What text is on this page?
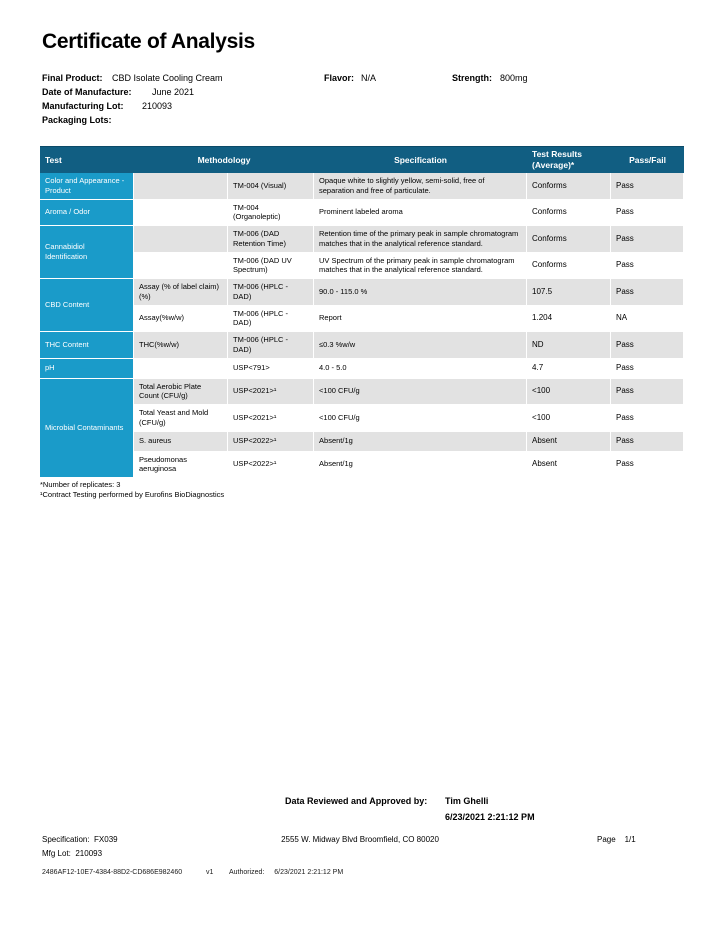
Certificate of Analysis
Final Product: CBD Isolate Cooling Cream	Flavor: N/A	Strength: 800mg
Date of Manufacture: June 2021
Manufacturing Lot: 210093
Packaging Lots:
Test	Methodology		Specification	Test Results (Average)*	Pass/Fail
Color and Appearance - Product		TM-004 (Visual)	Opaque white to slightly yellow, semi-solid, free of separation and free of particulate.	Conforms	Pass
Aroma / Odor		TM-004 (Organoleptic)	Prominent labeled aroma	Conforms	Pass
Cannabidiol Identification		TM-006 (DAD Retention Time)	Retention time of the primary peak in sample chromatogram matches that in the analytical reference standard.	Conforms	Pass
		TM-006 (DAD UV Spectrum)	UV Spectrum of the primary peak in sample chromatogram matches that in the analytical reference standard.	Conforms	Pass
CBD Content	Assay (% of label claim)(%)	TM-006 (HPLC - DAD)	90.0 - 115.0 %	107.5	Pass
	Assay(%w/w)	TM-006 (HPLC - DAD)	Report	1.204	NA
THC Content	THC(%w/w)	TM-006 (HPLC - DAD)	≤0.3 %w/w	ND	Pass
pH		USP<791>	4.0 - 5.0	4.7	Pass
Microbial Contaminants	Total Aerobic Plate Count (CFU/g)	USP<2021>¹	<100 CFU/g	<100	Pass
	Total Yeast and Mold (CFU/g)	USP<2021>¹	<100 CFU/g	<100	Pass
	S. aureus	USP<2022>¹	Absent/1g	Absent	Pass
	Pseudomonas aeruginosa	USP<2022>¹	Absent/1g	Absent	Pass
*Number of replicates: 3
¹Contract Testing performed by Eurofins BioDiagnostics
Data Reviewed and Approved by: Tim Ghelli
6/23/2021 2:21:12 PM
Specification: FX039
Mfg Lot: 210093
2555 W. Midway Blvd Broomfield, CO 80020	Page 1/1
2486AF12-10E7-4384-88D2-CD686E982460	v1 Authorized: 6/23/2021 2:21:12 PM
